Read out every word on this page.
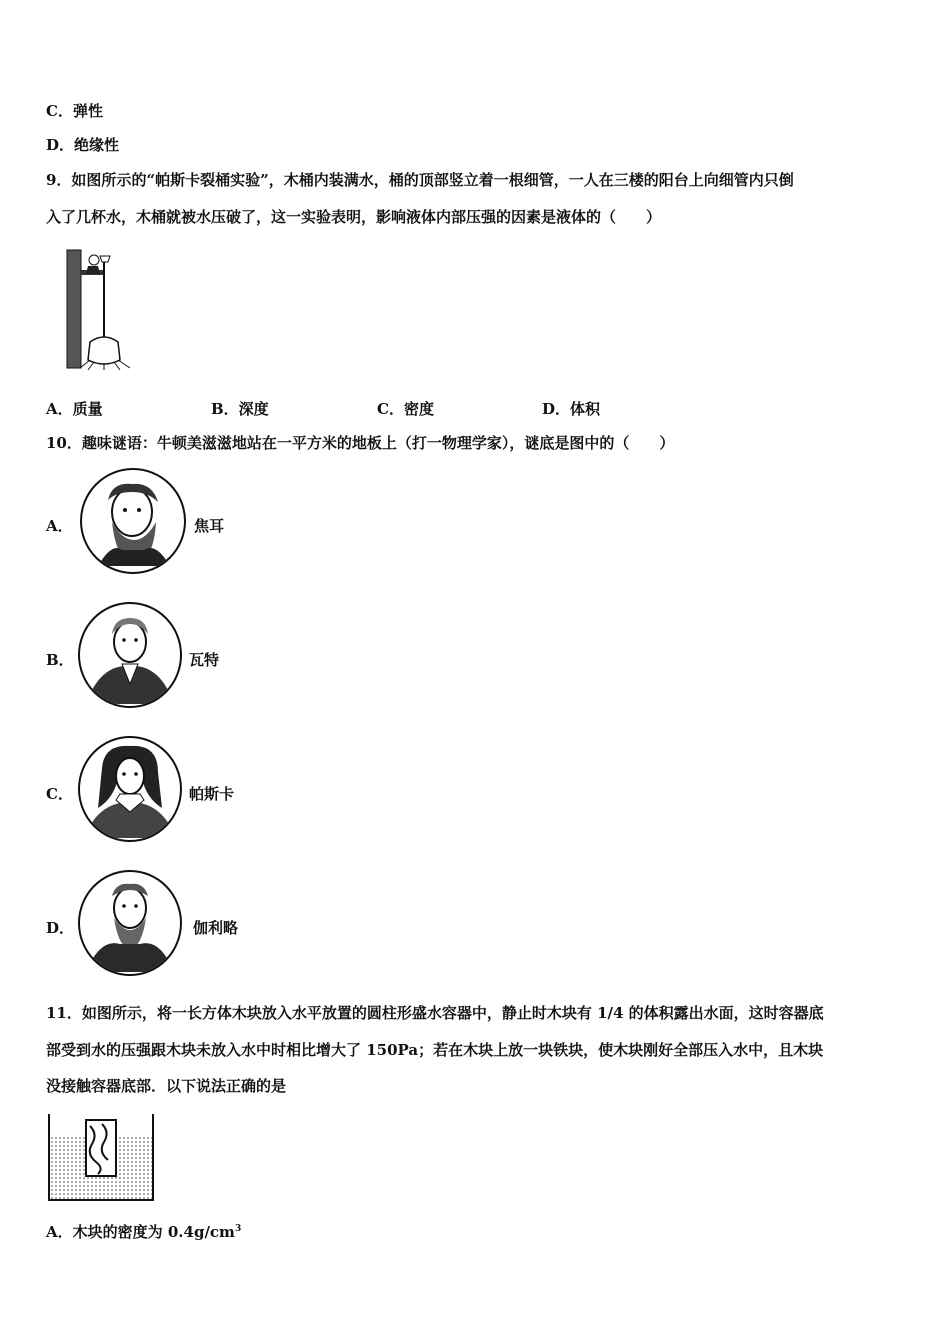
C．弹性
D．绝缘性
9．如图所示的“帕斯卡裂桶实验”，木桶内装满水，桶的顶部竖立着一根细管，一人在三楼的阳台上向细管内只倒
入了几杯水，木桶就被水压破了，这一实验表明，影响液体内部压强的因素是液体的（　　）
A．质量	B．深度	C．密度	D．体积
10．趣味谜语：牛顿美滋滋地站在一平方米的地板上（打一物理学家），谜底是图中的（　　）
A．	焦耳
B．	瓦特
C．	帕斯卡
D．	伽利略
11．如图所示，将一长方体木块放入水平放置的圆柱形盛水容器中，静止时木块有 1/4 的体积露出水面，这时容器底
部受到水的压强跟木块未放入水中时相比增大了 150Pa；若在木块上放一块铁块，使木块刚好全部压入水中，且木块
没接触容器底部．以下说法正确的是
A．木块的密度为 $0.4g/cm^3$
